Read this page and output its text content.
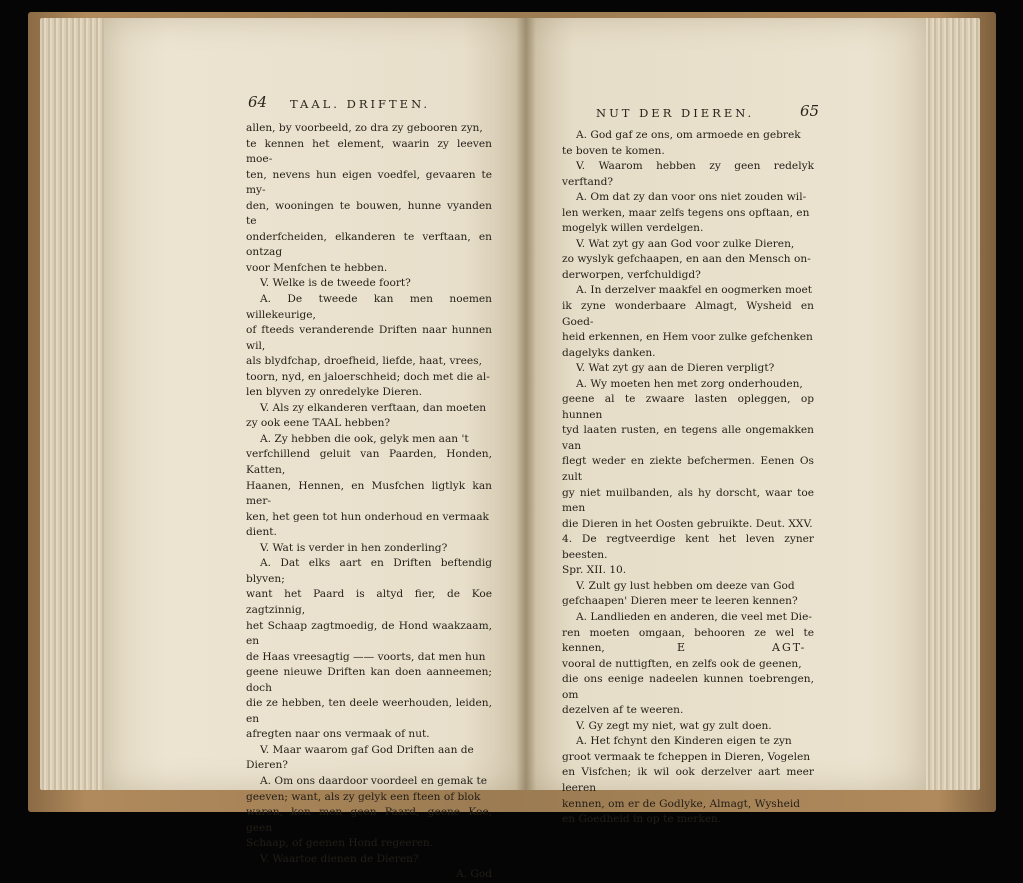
64 TAAL. DRIFTEN.

allen, by voorbeeld, zo dra zy gebooren zyn,

te kennen het element, waarin zy leeven moe-

ten, nevens hun eigen voedfel, gevaaren te my-

den, wooningen te bouwen, hunne vyanden te

onderfcheiden, elkanderen te verftaan, en ontzag

voor Menfchen te hebben.

V. Welke is de tweede foort?

A. De tweede kan men noemen willekeurige,

of fteeds veranderende Driften naar hunnen wil,

als blydfchap, droefheid, liefde, haat, vrees,

toorn, nyd, en jaloerschheid; doch met die al-

len blyven zy onredelyke Dieren.

V. Als zy elkanderen verftaan, dan moeten

zy ook eene TAAL hebben?

A. Zy hebben die ook, gelyk men aan 't

verfchillend geluit van Paarden, Honden, Katten,

Haanen, Hennen, en Musfchen ligtlyk kan mer-

ken, het geen tot hun onderhoud en vermaak

dient.

V. Wat is verder in hen zonderling?

A. Dat elks aart en Driften beftendig blyven;

want het Paard is altyd fier, de Koe zagtzinnig,

het Schaap zagtmoedig, de Hond waakzaam, en

de Haas vreesagtig —— voorts, dat men hun

geene nieuwe Driften kan doen aanneemen; doch

die ze hebben, ten deele weerhouden, leiden, en

afregten naar ons vermaak of nut.

V. Maar waarom gaf God Driften aan de

Dieren?

A. Om ons daardoor voordeel en gemak te

geeven; want, als zy gelyk een fteen of blok

waren, kon men geen Paard, geene Koe, geen

Schaap, of geenen Hond regeeren.

V. Waartoe dienen de Dieren?

A. God

NUT DER DIEREN.	65

A. God gaf ze ons, om armoede en gebrek

te boven te komen.

V. Waarom hebben zy geen redelyk verftand?

A. Om dat zy dan voor ons niet zouden wil-

len werken, maar zelfs tegens ons opftaan, en

mogelyk willen verdelgen.

V. Wat zyt gy aan God voor zulke Dieren,

zo wyslyk gefchaapen, en aan den Mensch on-

derworpen, verfchuldigd?

A. In derzelver maakfel en oogmerken moet

ik zyne wonderbaare Almagt, Wysheid en Goed-

heid erkennen, en Hem voor zulke gefchenken

dagelyks danken.

V. Wat zyt gy aan de Dieren verpligt?

A. Wy moeten hen met zorg onderhouden,

geene al te zwaare lasten opleggen, op hunnen

tyd laaten rusten, en tegens alle ongemakken van

flegt weder en ziekte befchermen. Eenen Os zult

gy niet muilbanden, als hy dorscht, waar toe men

die Dieren in het Oosten gebruikte. Deut. XXV.

4. De regtveerdige kent het leven zyner beesten.

Spr. XII. 10.

V. Zult gy lust hebben om deeze van God

gefchaapen' Dieren meer te leeren kennen?

A. Landlieden en anderen, die veel met Die-

ren moeten omgaan, behooren ze wel te kennen,

vooral de nuttigften, en zelfs ook de geenen,

die ons eenige nadeelen kunnen toebrengen, om

dezelven af te weeren.

V. Gy zegt my niet, wat gy zult doen.

A. Het fchynt den Kinderen eigen te zyn

groot vermaak te fcheppen in Dieren, Vogelen

en Visfchen; ik wil ook derzelver aart meer leeren

kennen, om er de Godlyke, Almagt, Wysheid

en Goedheid in op te merken.

E	AGT-
